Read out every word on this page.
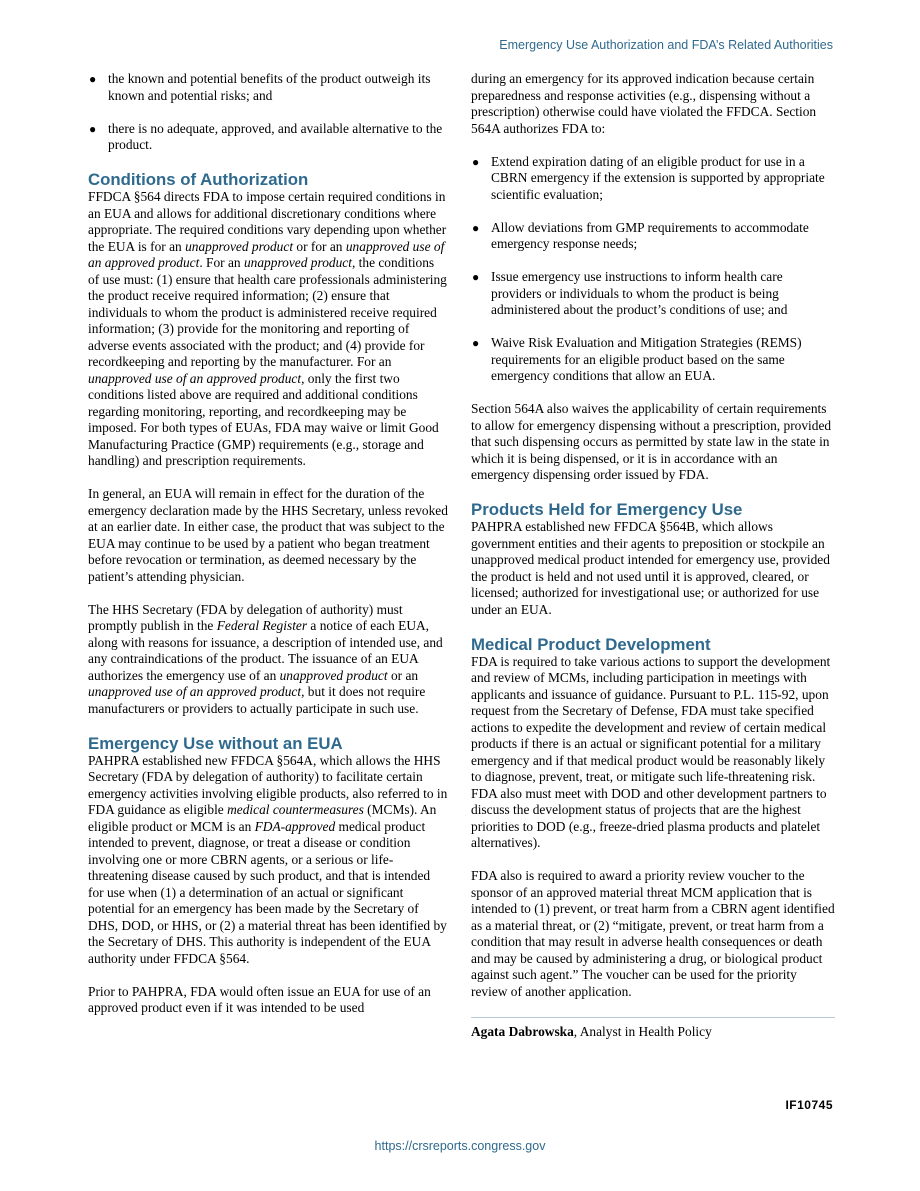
Emergency Use Authorization and FDA’s Related Authorities
● the known and potential benefits of the product outweigh its known and potential risks; and
● there is no adequate, approved, and available alternative to the product.
Conditions of Authorization

FFDCA §564 directs FDA to impose certain required conditions in an EUA and allows for additional discretionary conditions where appropriate. The required conditions vary depending upon whether the EUA is for an unapproved product or for an unapproved use of an approved product. For an unapproved product, the conditions of use must: (1) ensure that health care professionals administering the product receive required information; (2) ensure that individuals to whom the product is administered receive required information; (3) provide for the monitoring and reporting of adverse events associated with the product; and (4) provide for recordkeeping and reporting by the manufacturer. For an unapproved use of an approved product, only the first two conditions listed above are required and additional conditions regarding monitoring, reporting, and recordkeeping may be imposed. For both types of EUAs, FDA may waive or limit Good Manufacturing Practice (GMP) requirements (e.g., storage and handling) and prescription requirements.

In general, an EUA will remain in effect for the duration of the emergency declaration made by the HHS Secretary, unless revoked at an earlier date. In either case, the product that was subject to the EUA may continue to be used by a patient who began treatment before revocation or termination, as deemed necessary by the patient’s attending physician.

The HHS Secretary (FDA by delegation of authority) must promptly publish in the Federal Register a notice of each EUA, along with reasons for issuance, a description of intended use, and any contraindications of the product. The issuance of an EUA authorizes the emergency use of an unapproved product or an unapproved use of an approved product, but it does not require manufacturers or providers to actually participate in such use.

Emergency Use without an EUA

PAHPRA established new FFDCA §564A, which allows the HHS Secretary (FDA by delegation of authority) to facilitate certain emergency activities involving eligible products, also referred to in FDA guidance as eligible medical countermeasures (MCMs). An eligible product or MCM is an FDA-approved medical product intended to prevent, diagnose, or treat a disease or condition involving one or more CBRN agents, or a serious or life-threatening disease caused by such product, and that is intended for use when (1) a determination of an actual or significant potential for an emergency has been made by the Secretary of DHS, DOD, or HHS, or (2) a material threat has been identified by the Secretary of DHS. This authority is independent of the EUA authority under FFDCA §564.

Prior to PAHPRA, FDA would often issue an EUA for use of an approved product even if it was intended to be used

during an emergency for its approved indication because certain preparedness and response activities (e.g., dispensing without a prescription) otherwise could have violated the FFDCA. Section 564A authorizes FDA to:

● Extend expiration dating of an eligible product for use in a CBRN emergency if the extension is supported by appropriate scientific evaluation;
● Allow deviations from GMP requirements to accommodate emergency response needs;
● Issue emergency use instructions to inform health care providers or individuals to whom the product is being administered about the product’s conditions of use; and
● Waive Risk Evaluation and Mitigation Strategies (REMS) requirements for an eligible product based on the same emergency conditions that allow an EUA.

Section 564A also waives the applicability of certain requirements to allow for emergency dispensing without a prescription, provided that such dispensing occurs as permitted by state law in the state in which it is being dispensed, or it is in accordance with an emergency dispensing order issued by FDA.

Products Held for Emergency Use

PAHPRA established new FFDCA §564B, which allows government entities and their agents to preposition or stockpile an unapproved medical product intended for emergency use, provided the product is held and not used until it is approved, cleared, or licensed; authorized for investigational use; or authorized for use under an EUA.

Medical Product Development

FDA is required to take various actions to support the development and review of MCMs, including participation in meetings with applicants and issuance of guidance. Pursuant to P.L. 115-92, upon request from the Secretary of Defense, FDA must take specified actions to expedite the development and review of certain medical products if there is an actual or significant potential for a military emergency and if that medical product would be reasonably likely to diagnose, prevent, treat, or mitigate such life-threatening risk. FDA also must meet with DOD and other development partners to discuss the development status of projects that are the highest priorities to DOD (e.g., freeze-dried plasma products and platelet alternatives).

FDA also is required to award a priority review voucher to the sponsor of an approved material threat MCM application that is intended to (1) prevent, or treat harm from a CBRN agent identified as a material threat, or (2) “mitigate, prevent, or treat harm from a condition that may result in adverse health consequences or death and may be caused by administering a drug, or biological product against such agent.” The voucher can be used for the priority review of another application.

Agata Dabrowska, Analyst in Health Policy
IF10745
https://crsreports.congress.gov
